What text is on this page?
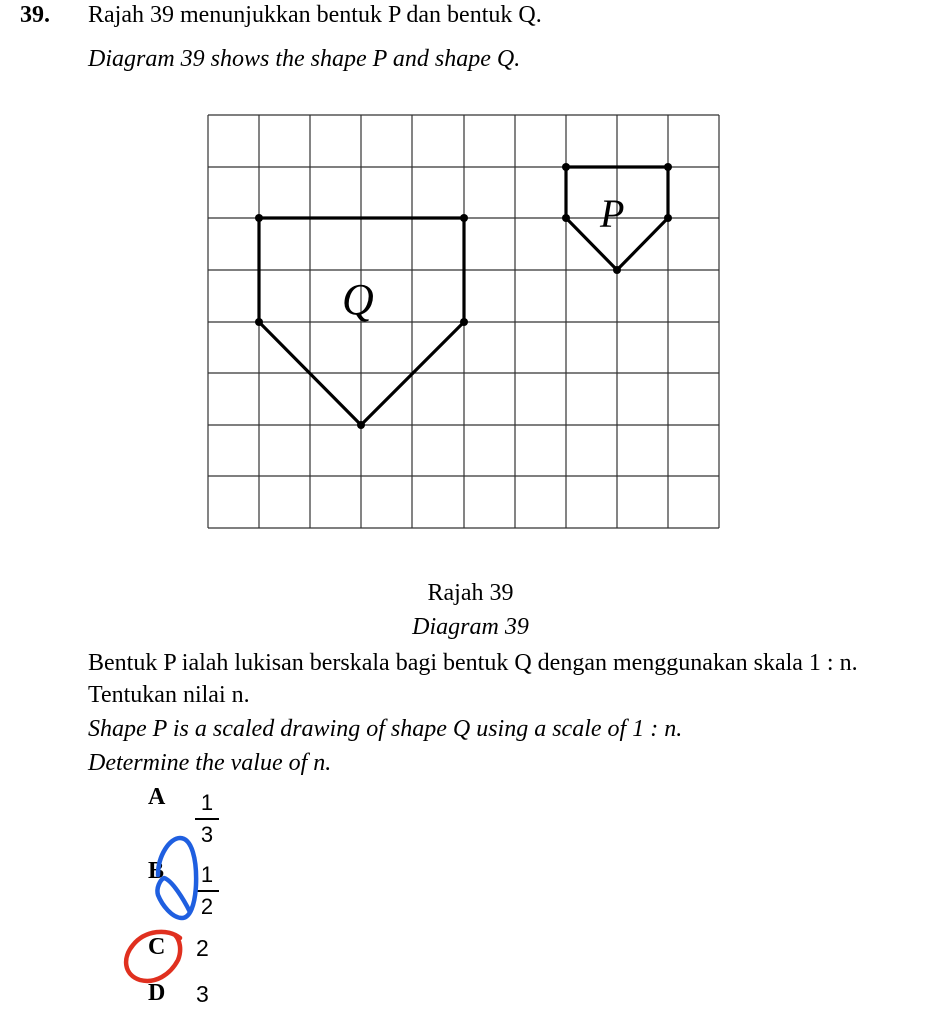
39. Rajah 39 menunjukkan bentuk P dan bentuk Q.
Diagram 39 shows the shape P and shape Q.
P
Q
Rajah 39
Diagram 39
Bentuk P ialah lukisan berskala bagi bentuk Q dengan menggunakan skala 1 : n.
Tentukan nilai n.
Shape P is a scaled drawing of shape Q using a scale of 1 : n.
Determine the value of n.
A 1
3
B 1
2
C 2
D 3
